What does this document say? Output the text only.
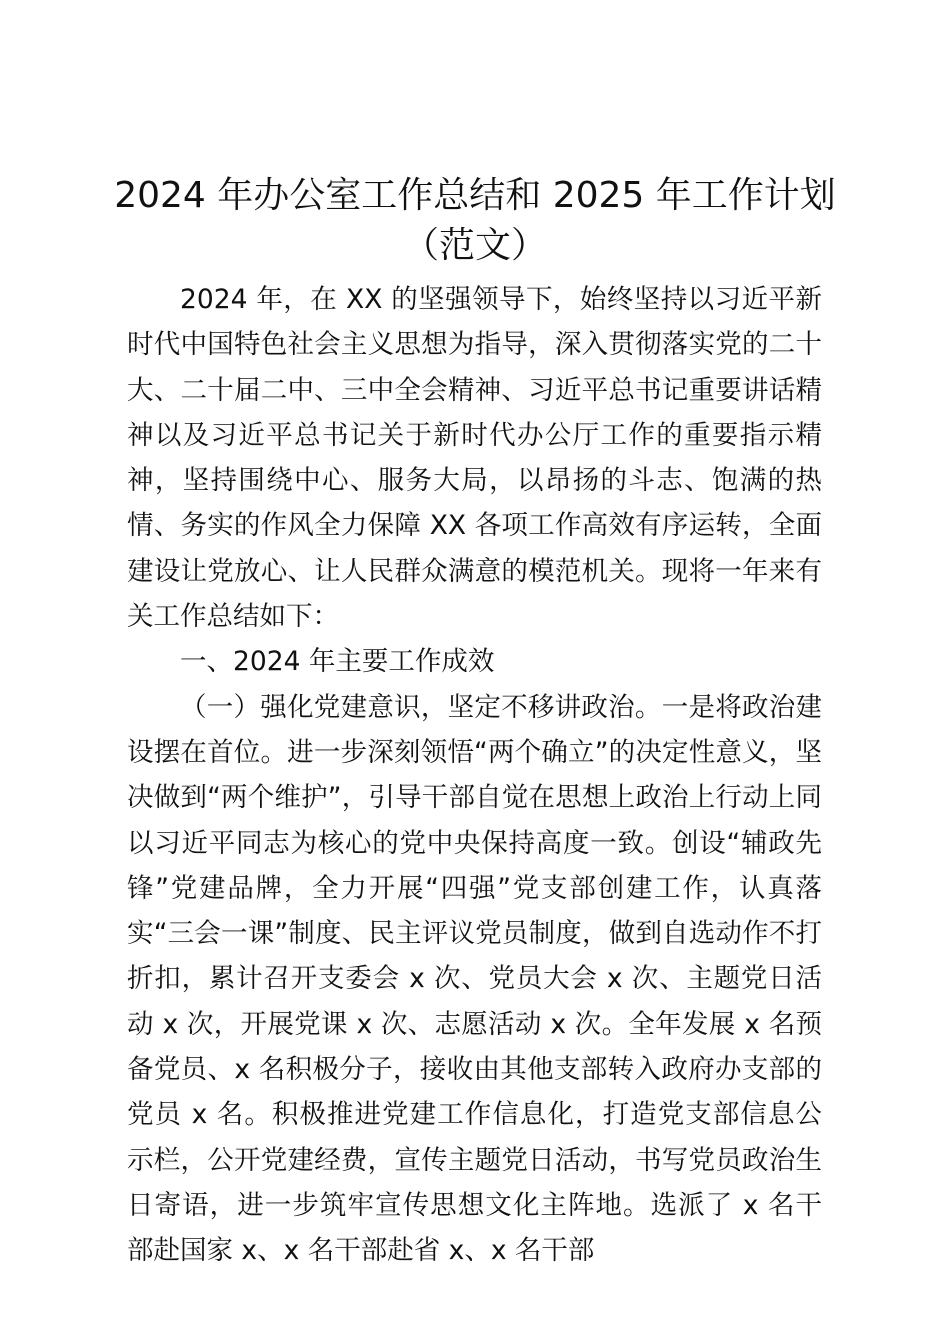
2024 年办公室工作总结和 2025 年工作计划
（范文）

2024 年，在 XX 的坚强领导下，始终坚持以习近平新时代中国特色社会主义思想为指导，深入贯彻落实党的二十大、二十届二中、三中全会精神、习近平总书记重要讲话精神以及习近平总书记关于新时代办公厅工作的重要指示精神，坚持围绕中心、服务大局，以昂扬的斗志、饱满的热情、务实的作风全力保障 XX 各项工作高效有序运转，全面建设让党放心、让人民群众满意的模范机关。现将一年来有关工作总结如下：

一、2024 年主要工作成效

（一）强化党建意识，坚定不移讲政治。一是将政治建设摆在首位。进一步深刻领悟“两个确立”的决定性意义，坚决做到“两个维护”，引导干部自觉在思想上政治上行动上同以习近平同志为核心的党中央保持高度一致。创设“辅政先锋”党建品牌，全力开展“四强”党支部创建工作，认真落实“三会一课”制度、民主评议党员制度，做到自选动作不打折扣，累计召开支委会 x 次、党员大会 x 次、主题党日活动 x 次，开展党课 x 次、志愿活动 x 次。全年发展 x 名预备党员、x 名积极分子，接收由其他支部转入政府办支部的党员 x 名。积极推进党建工作信息化，打造党支部信息公示栏，公开党建经费，宣传主题党日活动，书写党员政治生日寄语，进一步筑牢宣传思想文化主阵地。选派了 x 名干部赴国家 x、x 名干部赴省 x、x 名干部
